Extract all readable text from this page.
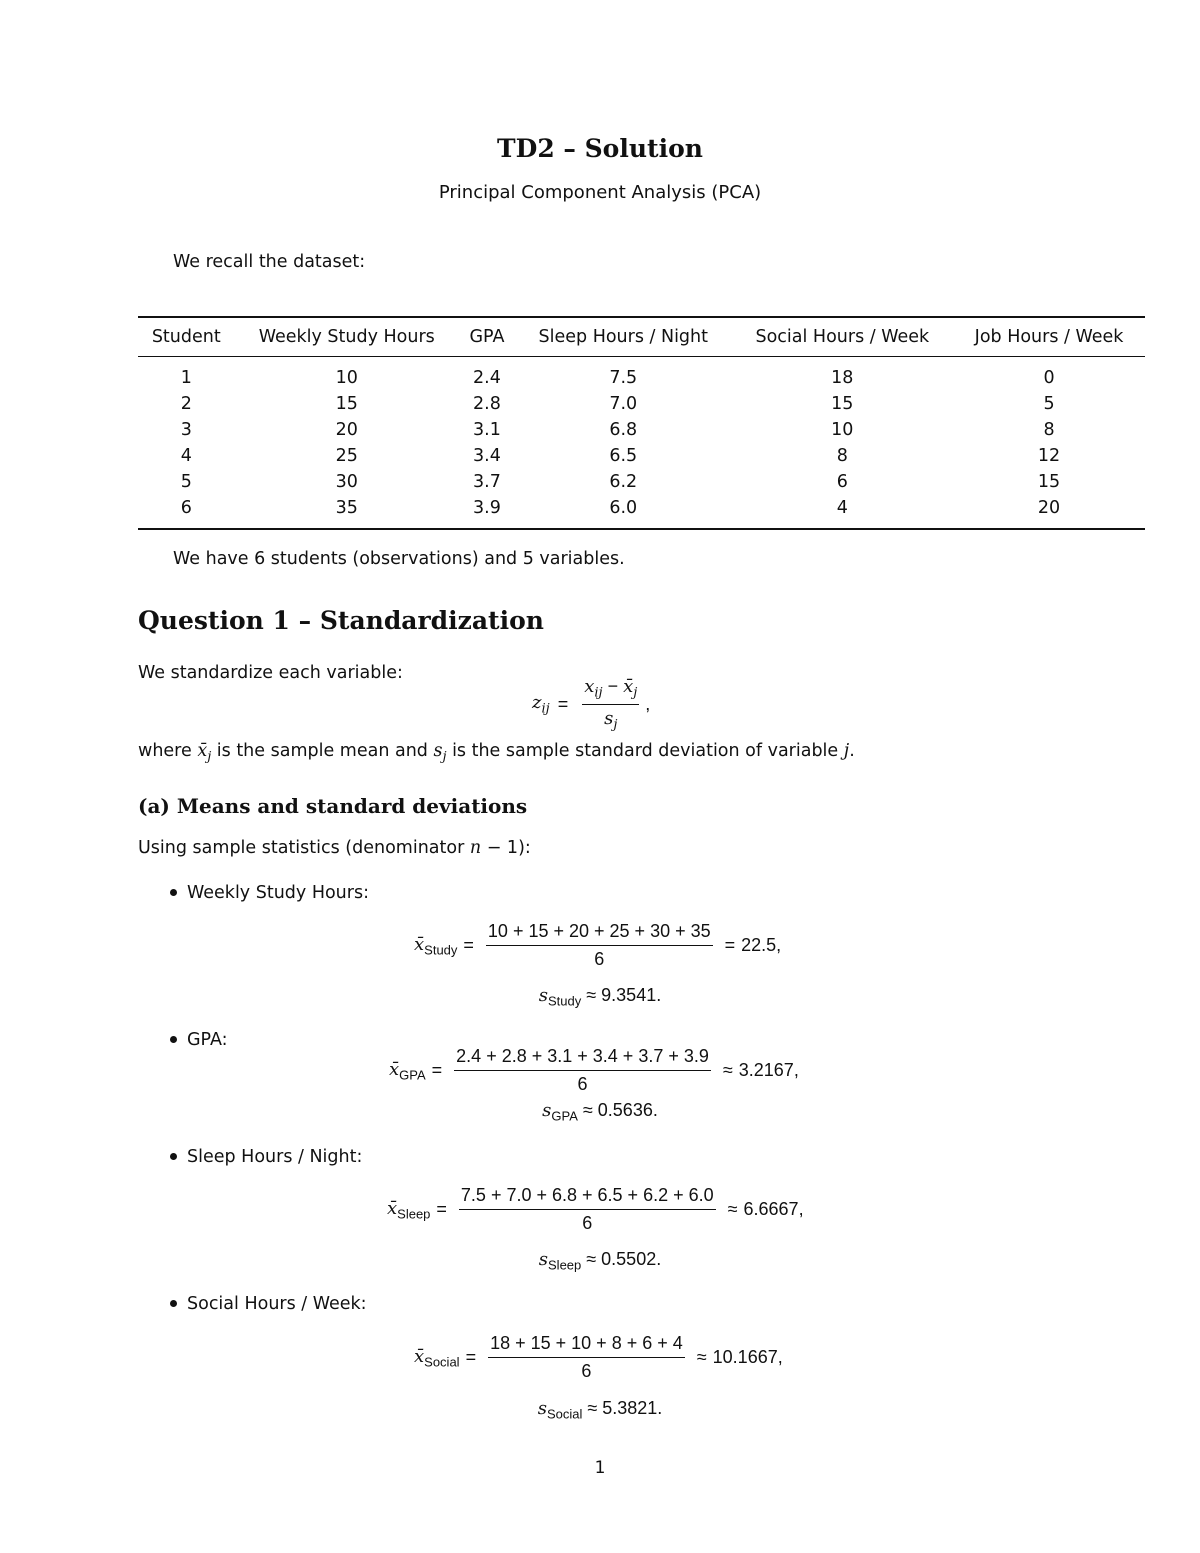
TD2 – Solution
Principal Component Analysis (PCA)
We recall the dataset:
Student	Weekly Study Hours	GPA	Sleep Hours / Night	Social Hours / Week	Job Hours / Week
1	10	2.4	7.5	18	0
2	15	2.8	7.0	15	5
3	20	3.1	6.8	10	8
4	25	3.4	6.5	8	12
5	30	3.7	6.2	6	15
6	35	3.9	6.0	4	20
We have 6 students (observations) and 5 variables.
Question 1 – Standardization
We standardize each variable:
$z_{ij} = \frac{x_{ij} - x̄_j}{s_j}$ ,
where $x̄_j$ is the sample mean and $s_j$ is the sample standard deviation of variable j.
(a) Means and standard deviations
Using sample statistics (denominator n − 1):
Weekly Study Hours:
$x̄_{Study} = \frac{10 + 15 + 20 + 25 + 30 + 35}{6} = 22.5$,
$s_{Study} \approx 9.3541$.
GPA:
$x̄_{GPA} = \frac{2.4 + 2.8 + 3.1 + 3.4 + 3.7 + 3.9}{6} \approx 3.2167$,
$s_{GPA} \approx 0.5636$.
Sleep Hours / Night:
$x̄_{Sleep} = \frac{7.5 + 7.0 + 6.8 + 6.5 + 6.2 + 6.0}{6} \approx 6.6667$,
$s_{Sleep} \approx 0.5502$.
Social Hours / Week:
$x̄_{Social} = \frac{18 + 15 + 10 + 8 + 6 + 4}{6} \approx 10.1667$,
$s_{Social} \approx 5.3821$.
1
